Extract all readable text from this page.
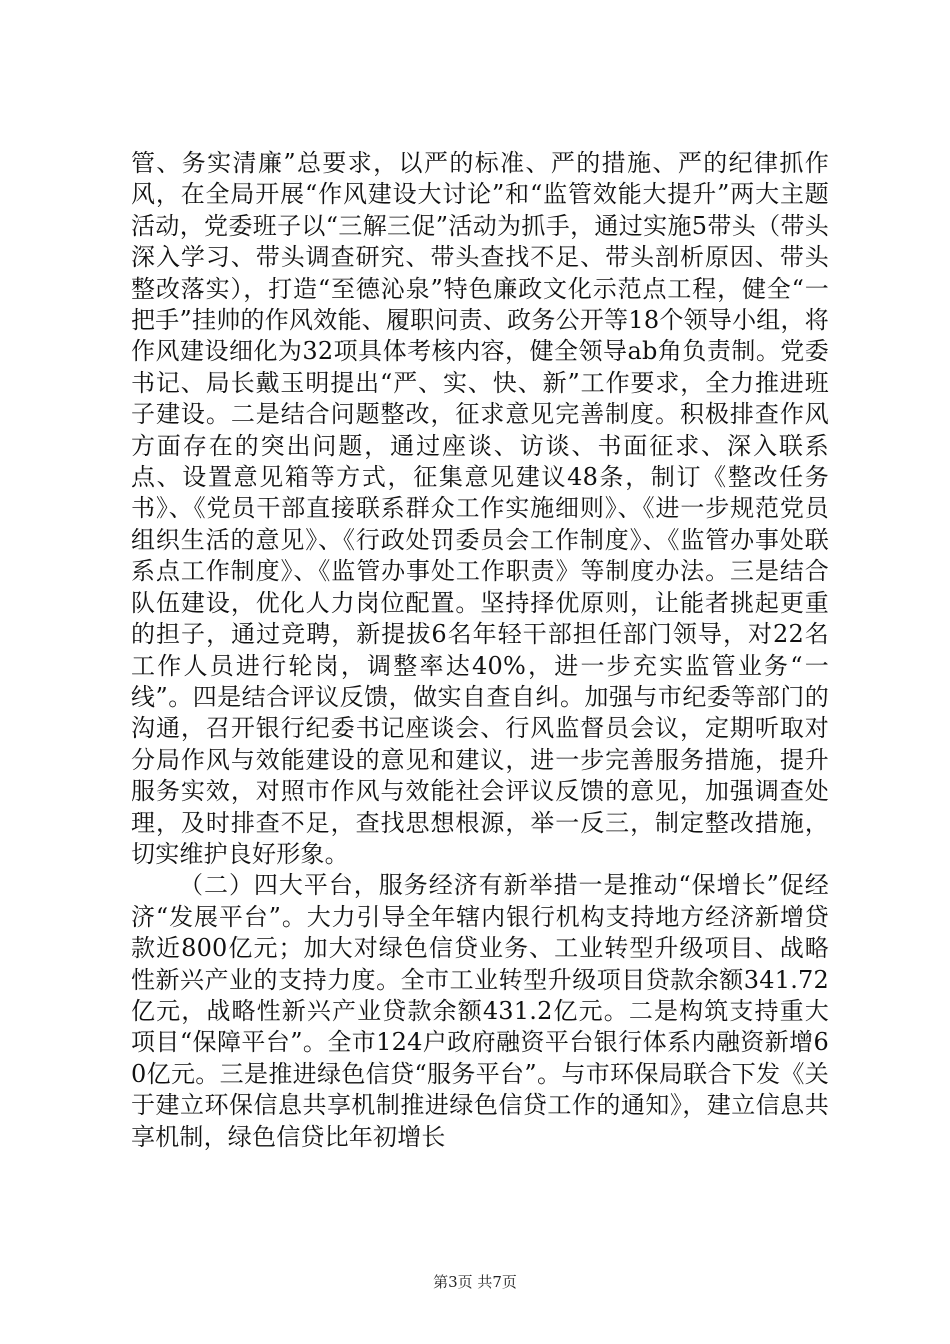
管、务实清廉”总要求，以严的标准、严的措施、严的纪律抓作风，在全局开展“作风建设大讨论”和“监管效能大提升”两大主题活动，党委班子以“三解三促”活动为抓手，通过实施5带头（带头深入学习、带头调查研究、带头查找不足、带头剖析原因、带头整改落实），打造“至德沁泉”特色廉政文化示范点工程，健全“一把手”挂帅的作风效能、履职问责、政务公开等18个领导小组，将作风建设细化为32项具体考核内容，健全领导ab角负责制。党委书记、局长戴玉明提出“严、实、快、新”工作要求，全力推进班子建设。二是结合问题整改，征求意见完善制度。积极排查作风方面存在的突出问题，通过座谈、访谈、书面征求、深入联系点、设置意见箱等方式，征集意见建议48条，制订《整改任务书》、《党员干部直接联系群众工作实施细则》、《进一步规范党员组织生活的意见》、《行政处罚委员会工作制度》、《监管办事处联系点工作制度》、《监管办事处工作职责》等制度办法。三是结合队伍建设，优化人力岗位配置。坚持择优原则，让能者挑起更重的担子，通过竞聘，新提拔6名年轻干部担任部门领导，对22名工作人员进行轮岗，调整率达40%，进一步充实监管业务“一线”。四是结合评议反馈，做实自查自纠。加强与市纪委等部门的沟通，召开银行纪委书记座谈会、行风监督员会议，定期听取对分局作风与效能建设的意见和建议，进一步完善服务措施，提升服务实效，对照市作风与效能社会评议反馈的意见，加强调查处理，及时排查不足，查找思想根源，举一反三，制定整改措施，切实维护良好形象。

（二）四大平台，服务经济有新举措一是推动“保增长”促经济“发展平台”。大力引导全年辖内银行机构支持地方经济新增贷款近800亿元；加大对绿色信贷业务、工业转型升级项目、战略性新兴产业的支持力度。全市工业转型升级项目贷款余额341.72亿元，战略性新兴产业贷款余额431.2亿元。二是构筑支持重大项目“保障平台”。全市124户政府融资平台银行体系内融资新增60亿元。三是推进绿色信贷“服务平台”。与市环保局联合下发《关于建立环保信息共享机制推进绿色信贷工作的通知》，建立信息共享机制，绿色信贷比年初增长

第3页 共7页
